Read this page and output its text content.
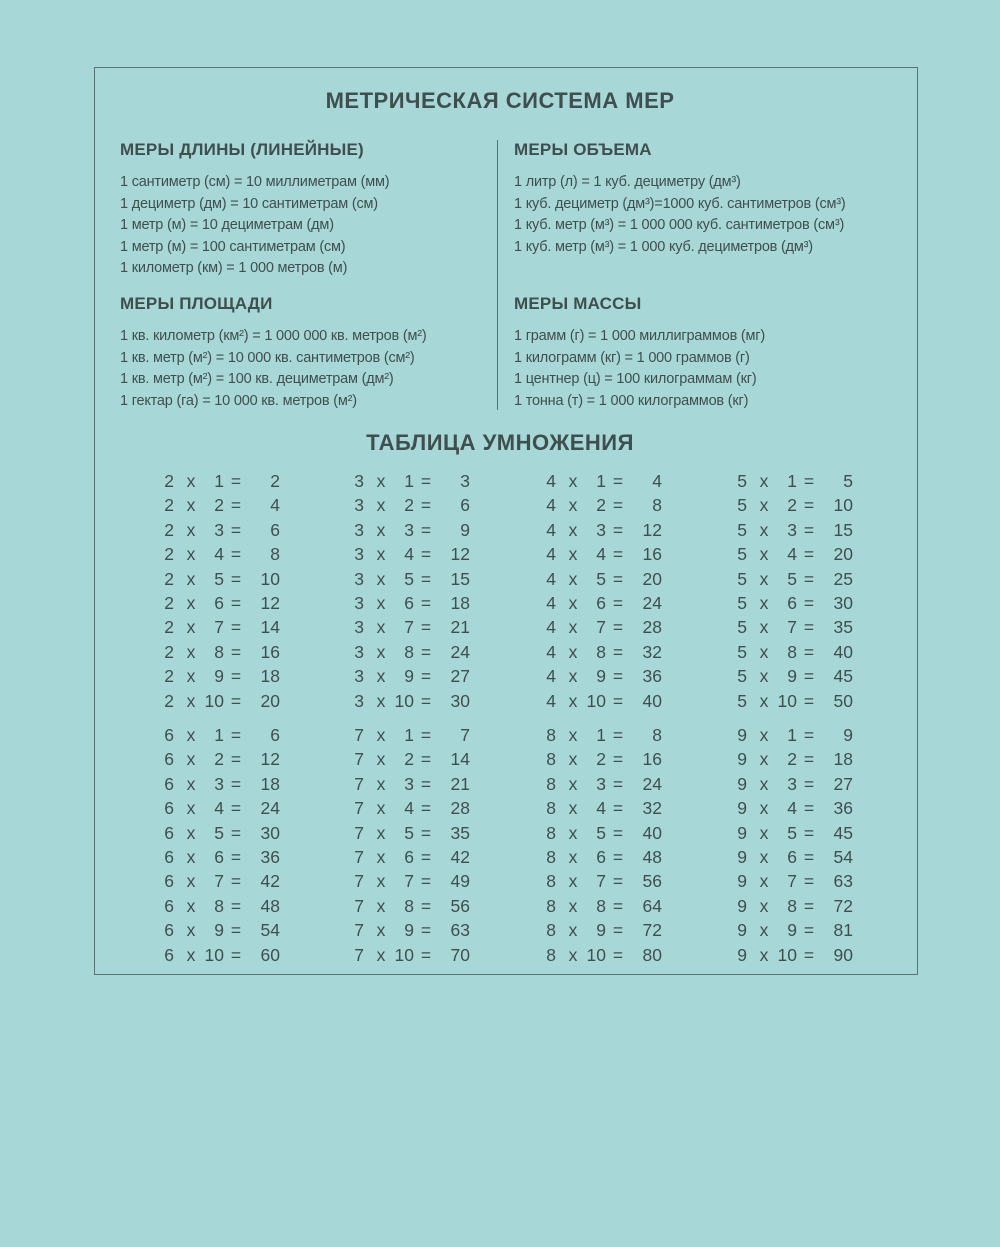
МЕТРИЧЕСКАЯ СИСТЕМА МЕР
МЕРЫ ДЛИНЫ (ЛИНЕЙНЫЕ)
1 сантиметр (см) = 10 миллиметрам (мм)
1 дециметр (дм) = 10 сантиметрам (см)
1 метр (м) = 10 дециметрам (дм)
1 метр (м) = 100 сантиметрам (см)
1 километр (км) = 1 000 метров (м)
МЕРЫ ОБЪЕМА
1 литр (л) = 1 куб. дециметру (дм³)
1 куб. дециметр (дм³)=1000 куб. сантиметров (см³)
1 куб. метр (м³) = 1 000 000 куб. сантиметров (см³)
1 куб. метр (м³) = 1 000 куб. дециметров (дм³)
МЕРЫ ПЛОЩАДИ
1 кв. километр (км²) = 1 000 000 кв. метров (м²)
1 кв. метр (м²) = 10 000 кв. сантиметров (см²)
1 кв. метр (м²) = 100 кв. дециметрам (дм²)
1 гектар (га) = 10 000 кв. метров (м²)
МЕРЫ МАССЫ
1 грамм (г) = 1 000 миллиграммов (мг)
1 килограмм (кг) = 1 000 граммов (г)
1 центнер (ц) = 100 килограммам (кг)
1 тонна (т) = 1 000 килограммов (кг)
ТАБЛИЦА УМНОЖЕНИЯ
2 x	1 =	2
2 x	2 =	4
2 x	3 =	6
2 x	4 =	8
2 x	5 =	10
2 x	6 =	12
2 x	7 =	14
2 x	8 =	16
2 x	9 =	18
2 x 10 =	20
3 x	1 =	3
3 x	2 =	6
3 x	3 =	9
3 x	4 =	12
3 x	5 =	15
3 x	6 =	18
3 x	7 =	21
3 x	8 =	24
3 x	9 =	27
3 x 10 =	30
4 x	1 =	4
4 x	2 =	8
4 x	3 =	12
4 x	4 =	16
4 x	5 =	20
4 x	6 =	24
4 x	7 =	28
4 x	8 =	32
4 x	9 =	36
4 x 10 =	40
5 x	1 =	5
5 x	2 =	10
5 x	3 =	15
5 x	4 =	20
5 x	5 =	25
5 x	6 =	30
5 x	7 =	35
5 x	8 =	40
5 x	9 =	45
5 x 10 =	50
6 x	1 =	6
6 x	2 =	12
6 x	3 =	18
6 x	4 =	24
6 x	5 =	30
6 x	6 =	36
6 x	7 =	42
6 x	8 =	48
6 x	9 =	54
6 x 10 =	60
7 x	1 =	7
7 x	2 =	14
7 x	3 =	21
7 x	4 =	28
7 x	5 =	35
7 x	6 =	42
7 x	7 =	49
7 x	8 =	56
7 x	9 =	63
7 x 10 =	70
8 x	1 =	8
8 x	2 =	16
8 x	3 =	24
8 x	4 =	32
8 x	5 =	40
8 x	6 =	48
8 x	7 =	56
8 x	8 =	64
8 x	9 =	72
8 x 10 =	80
9 x	1 =	9
9 x	2 =	18
9 x	3 =	27
9 x	4 =	36
9 x	5 =	45
9 x	6 =	54
9 x	7 =	63
9 x	8 =	72
9 x	9 =	81
9 x 10 =	90
